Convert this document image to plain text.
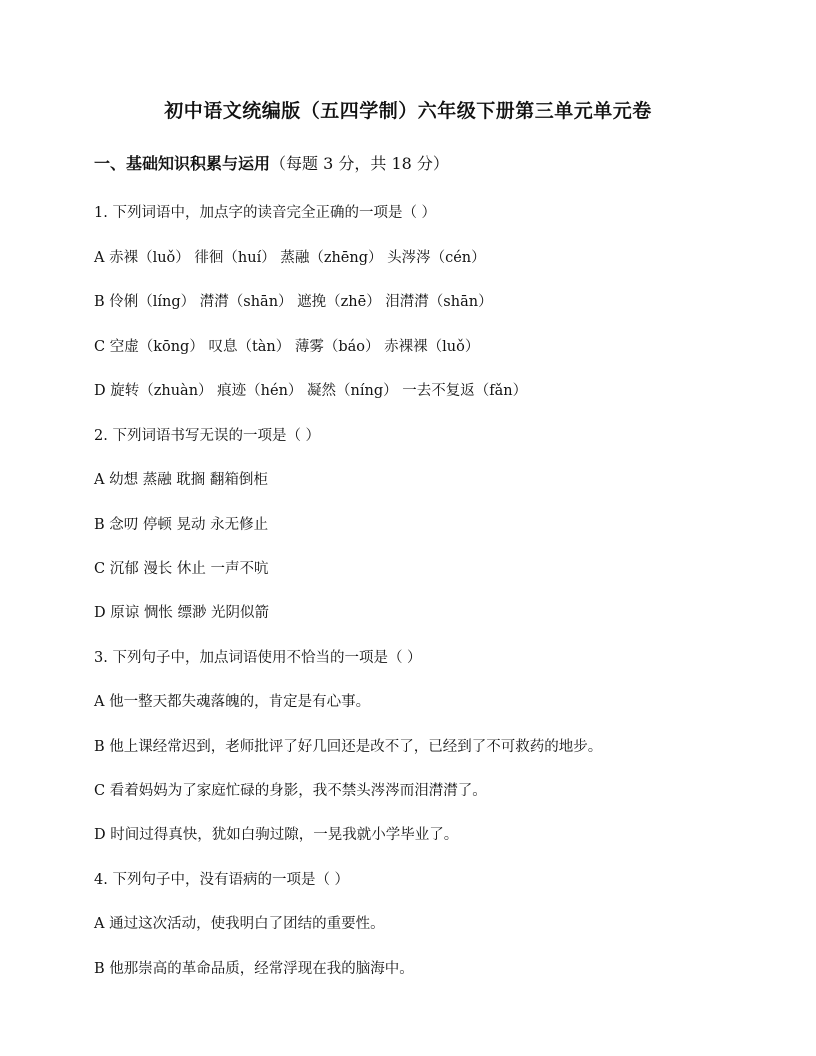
初中语文统编版（五四学制）六年级下册第三单元单元卷
一、基础知识积累与运用（每题 3 分，共 18 分）
1. 下列词语中，加点字的读音完全正确的一项是（ ）
A 赤裸（luǒ） 徘徊（huí） 蒸融（zhēng） 头涔涔（cén）
B 伶俐（líng） 潸潸（shān） 遮挽（zhē） 泪潸潸（shān）
C 空虚（kōng） 叹息（tàn） 薄雾（báo） 赤裸裸（luǒ）
D 旋转（zhuàn） 痕迹（hén） 凝然（níng） 一去不复返（fǎn）
2. 下列词语书写无误的一项是（ ）
A 幼想 蒸融 耽搁 翻箱倒柜
B 念叨 停顿 晃动 永无修止
C 沉郁 漫长 休止 一声不吭
D 原谅 惆怅 缥渺 光阴似箭
3. 下列句子中，加点词语使用不恰当的一项是（ ）
A 他一整天都失魂落魄的，肯定是有心事。
B 他上课经常迟到，老师批评了好几回还是改不了，已经到了不可救药的地步。
C 看着妈妈为了家庭忙碌的身影，我不禁头涔涔而泪潸潸了。
D 时间过得真快，犹如白驹过隙，一晃我就小学毕业了。
4. 下列句子中，没有语病的一项是（ ）
A 通过这次活动，使我明白了团结的重要性。
B 他那崇高的革命品质，经常浮现在我的脑海中。
